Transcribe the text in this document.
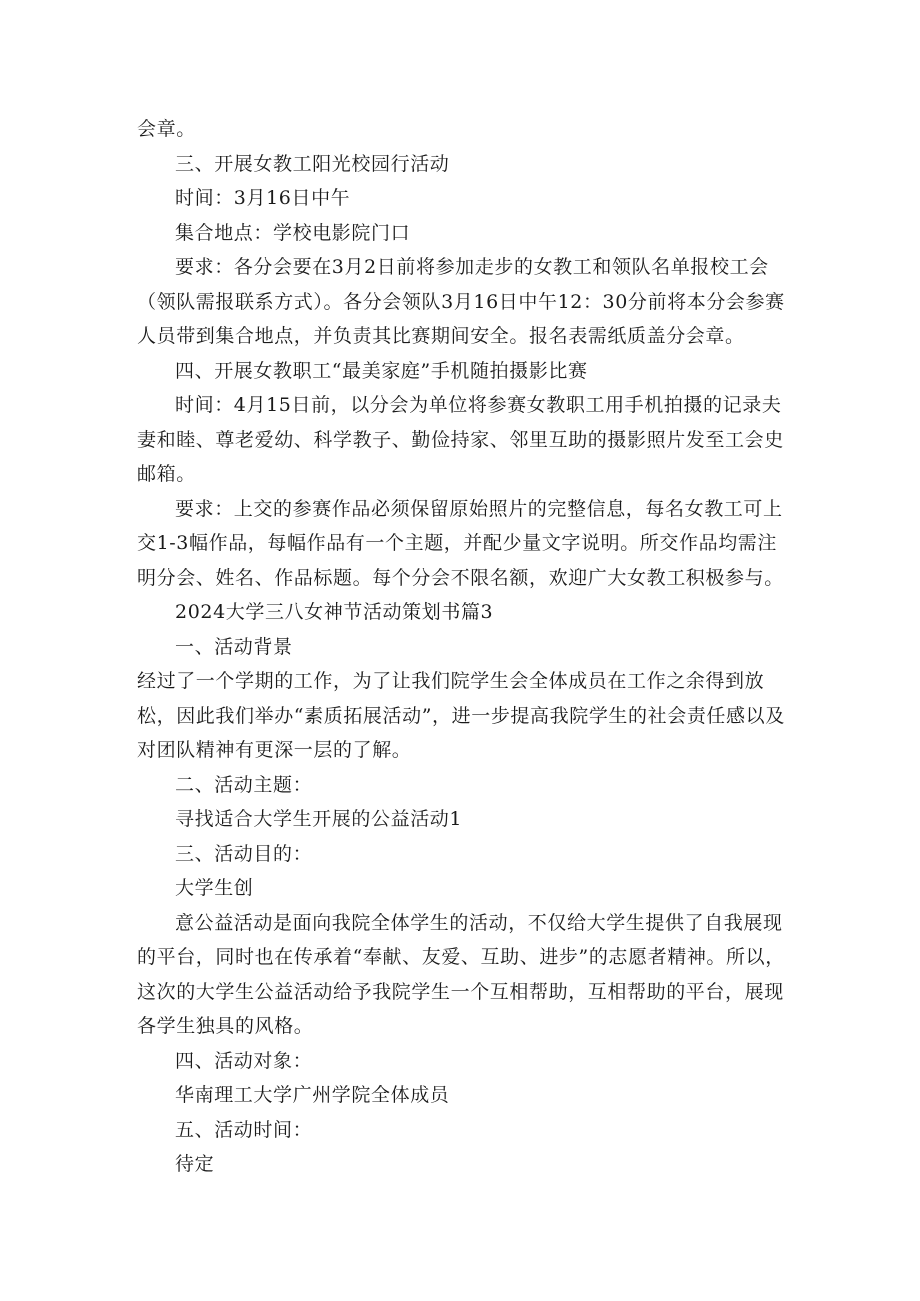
会章。

三、开展女教工阳光校园行活动

时间：3月16日中午

集合地点：学校电影院门口

要求：各分会要在3月2日前将参加走步的女教工和领队名单报校工会（领队需报联系方式）。各分会领队3月16日中午12：30分前将本分会参赛人员带到集合地点，并负责其比赛期间安全。报名表需纸质盖分会章。

四、开展女教职工“最美家庭”手机随拍摄影比赛

时间：4月15日前，以分会为单位将参赛女教职工用手机拍摄的记录夫妻和睦、尊老爱幼、科学教子、勤俭持家、邻里互助的摄影照片发至工会史邮箱。

要求：上交的参赛作品必须保留原始照片的完整信息，每名女教工可上交1-3幅作品，每幅作品有一个主题，并配少量文字说明。所交作品均需注明分会、姓名、作品标题。每个分会不限名额，欢迎广大女教工积极参与。

2024大学三八女神节活动策划书篇3

一、活动背景

经过了一个学期的工作，为了让我们院学生会全体成员在工作之余得到放松，因此我们举办“素质拓展活动”，进一步提高我院学生的社会责任感以及对团队精神有更深一层的了解。

二、活动主题：

寻找适合大学生开展的公益活动1

三、活动目的：

大学生创

意公益活动是面向我院全体学生的活动，不仅给大学生提供了自我展现的平台，同时也在传承着“奉献、友爱、互助、进步”的志愿者精神。所以，这次的大学生公益活动给予我院学生一个互相帮助，互相帮助的平台，展现各学生独具的风格。

四、活动对象：

华南理工大学广州学院全体成员

五、活动时间：

待定
